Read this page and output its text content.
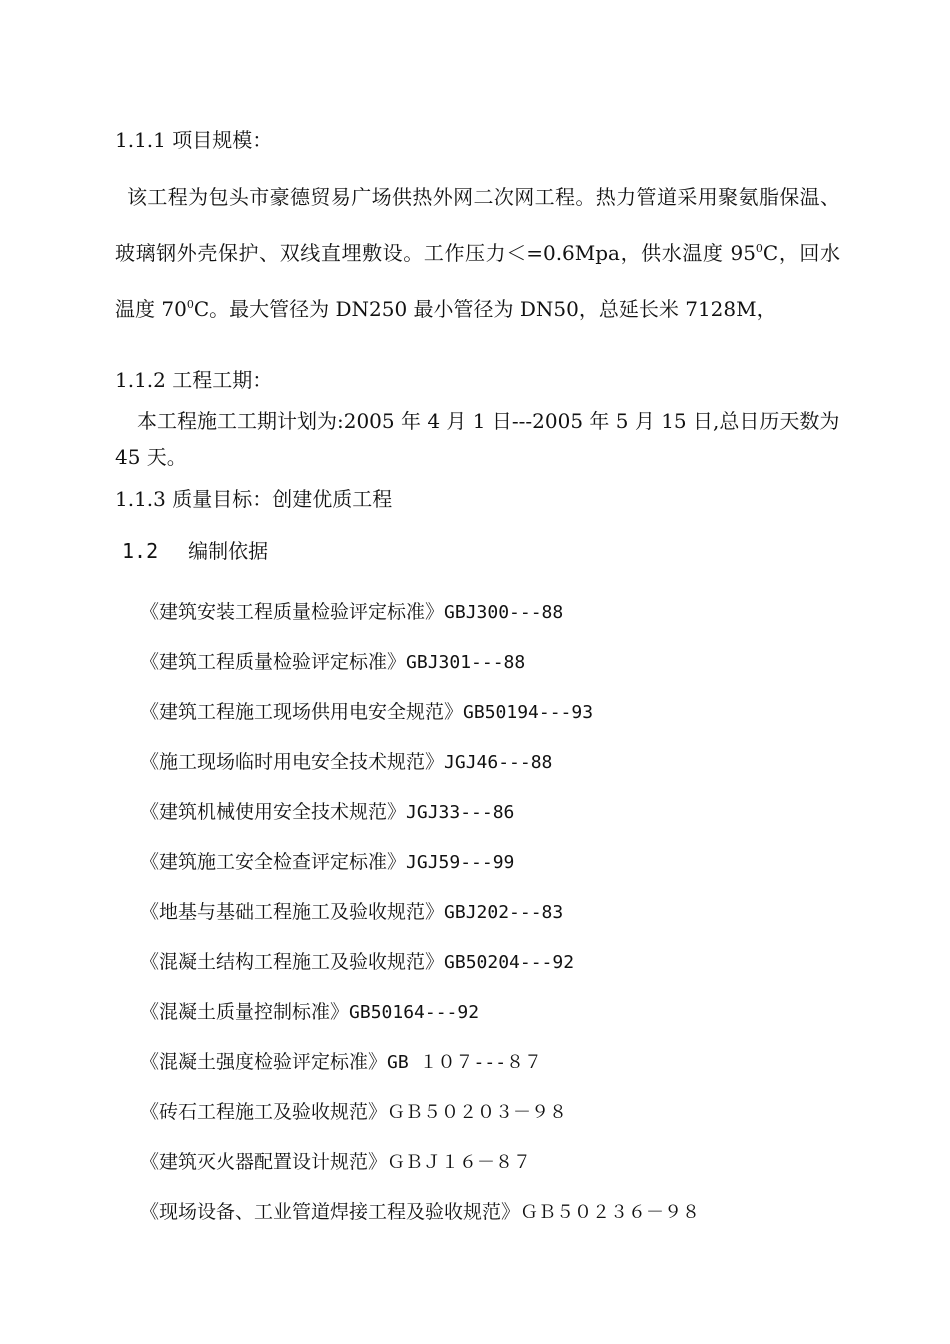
1.1.1 项目规模：
该工程为包头市豪德贸易广场供热外网二次网工程。热力管道采用聚氨脂保温、玻璃钢外壳保护、双线直埋敷设。工作压力＜=0.6Mpa，供水温度 $95^0C$，回水温度 $70^0C$。最大管径为 DN250 最小管径为 DN50，总延长米 7128M，
1.1.2 工程工期：
本工程施工工期计划为:2005 年 4 月 1 日---2005 年 5 月 15 日,总日历天数为 45 天。
1.1.3 质量目标：创建优质工程
1.2 编制依据
《建筑安装工程质量检验评定标准》GBJ300---88
《建筑工程质量检验评定标准》GBJ301---88
《建筑工程施工现场供用电安全规范》GB50194---93
《施工现场临时用电安全技术规范》JGJ46---88
《建筑机械使用安全技术规范》JGJ33---86
《建筑施工安全检查评定标准》JGJ59---99
《地基与基础工程施工及验收规范》GBJ202---83
《混凝土结构工程施工及验收规范》GB50204---92
《混凝土质量控制标准》GB50164---92
《混凝土强度检验评定标准》GB １０７---８７
《砖石工程施工及验收规范》ＧＢ５０２０３－９８
《建筑灭火器配置设计规范》ＧＢＪ１６－８７
《现场设备、工业管道焊接工程及验收规范》ＧＢ５０２３６－９８
